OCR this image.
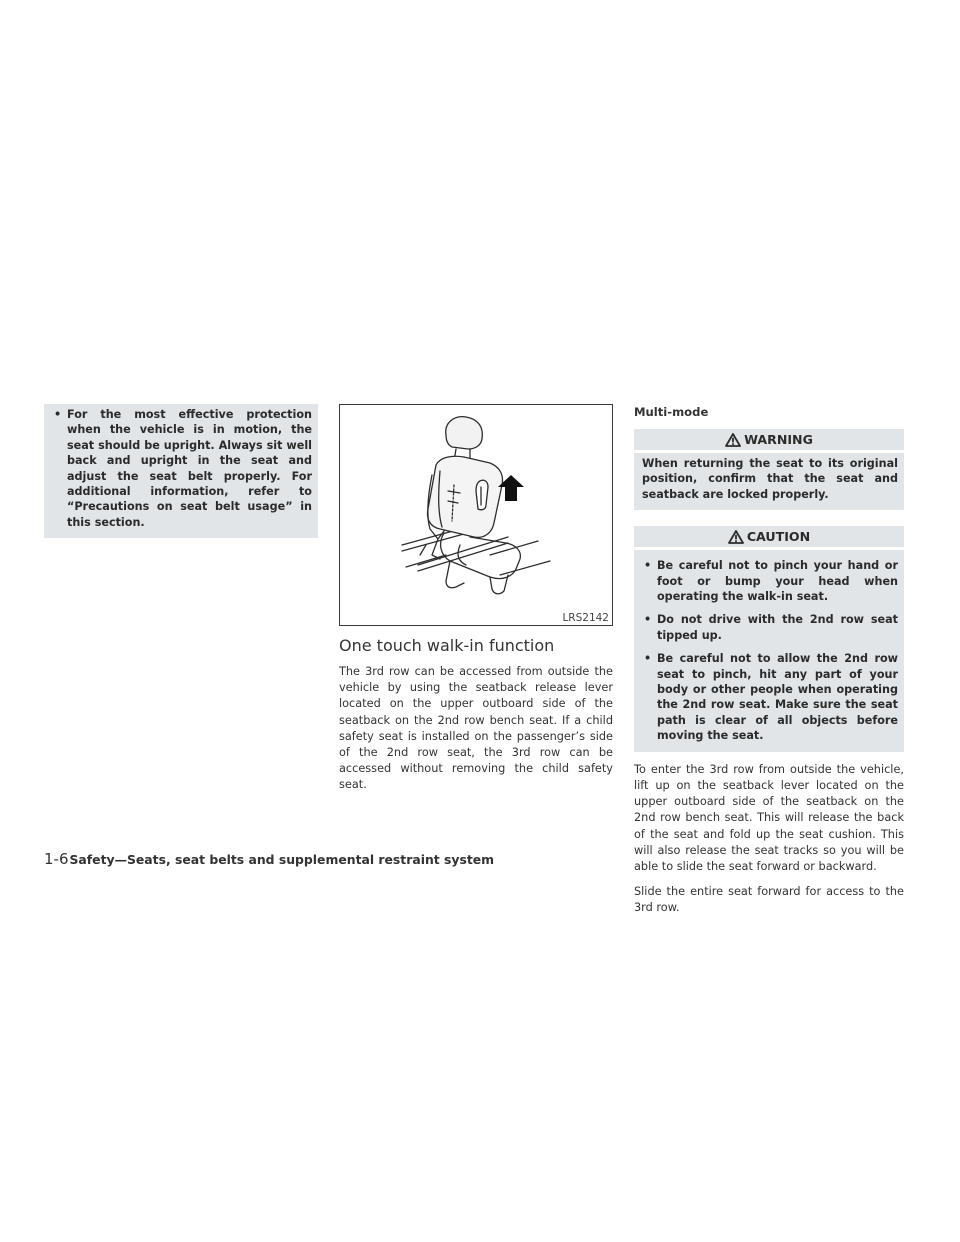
• For the most effective protection when the vehicle is in motion, the seat should be upright. Always sit well back and upright in the seat and adjust the seat belt properly. For additional information, refer to “Precautions on seat belt usage” in this section.
LRS2142
One touch walk-in function

The 3rd row can be accessed from outside the vehicle by using the seatback release lever located on the upper outboard side of the seatback on the 2nd row bench seat. If a child safety seat is installed on the passenger’s side of the 2nd row seat, the 3rd row can be accessed without removing the child safety seat.

Multi-mode
WARNING
When returning the seat to its original position, confirm that the seat and seatback are locked properly.
CAUTION
• Be careful not to pinch your hand or foot or bump your head when operating the walk-in seat.
• Do not drive with the 2nd row seat tipped up.
• Be careful not to allow the 2nd row seat to pinch, hit any part of your body or other people when operating the 2nd row seat. Make sure the seat path is clear of all objects before moving the seat.

To enter the 3rd row from outside the vehicle, lift up on the seatback lever located on the upper outboard side of the seatback on the 2nd row bench seat. This will release the back of the seat and fold up the seat cushion. This will also release the seat tracks so you will be able to slide the seat forward or backward.

Slide the entire seat forward for access to the 3rd row.

1-6 Safety—Seats, seat belts and supplemental restraint system
